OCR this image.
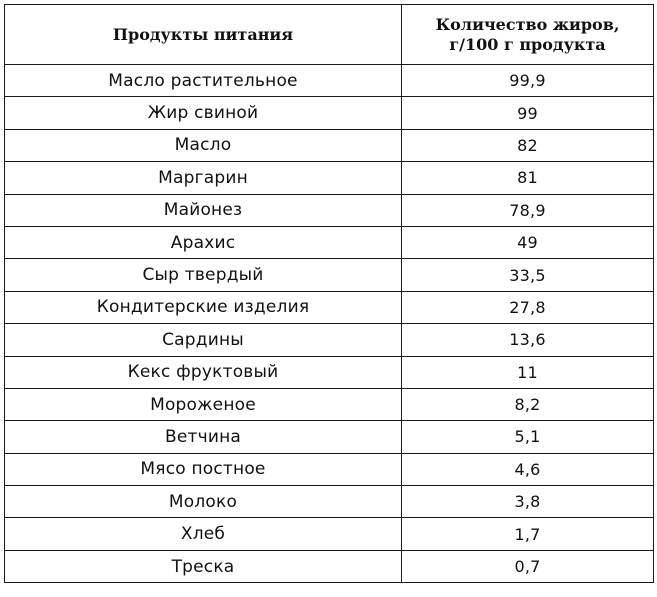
Продукты питания	Количество жиров,
г/100 г продукта

Масло растительное	99,9
Жир свиной	99
Масло	82
Маргарин	81
Майонез	78,9
Арахис	49
Сыр твердый	33,5
Кондитерские изделия	27,8
Сардины	13,6
Кекс фруктовый	11
Мороженое	8,2
Ветчина	5,1
Мясо постное	4,6
Молоко	3,8
Хлеб	1,7
Треска	0,7
